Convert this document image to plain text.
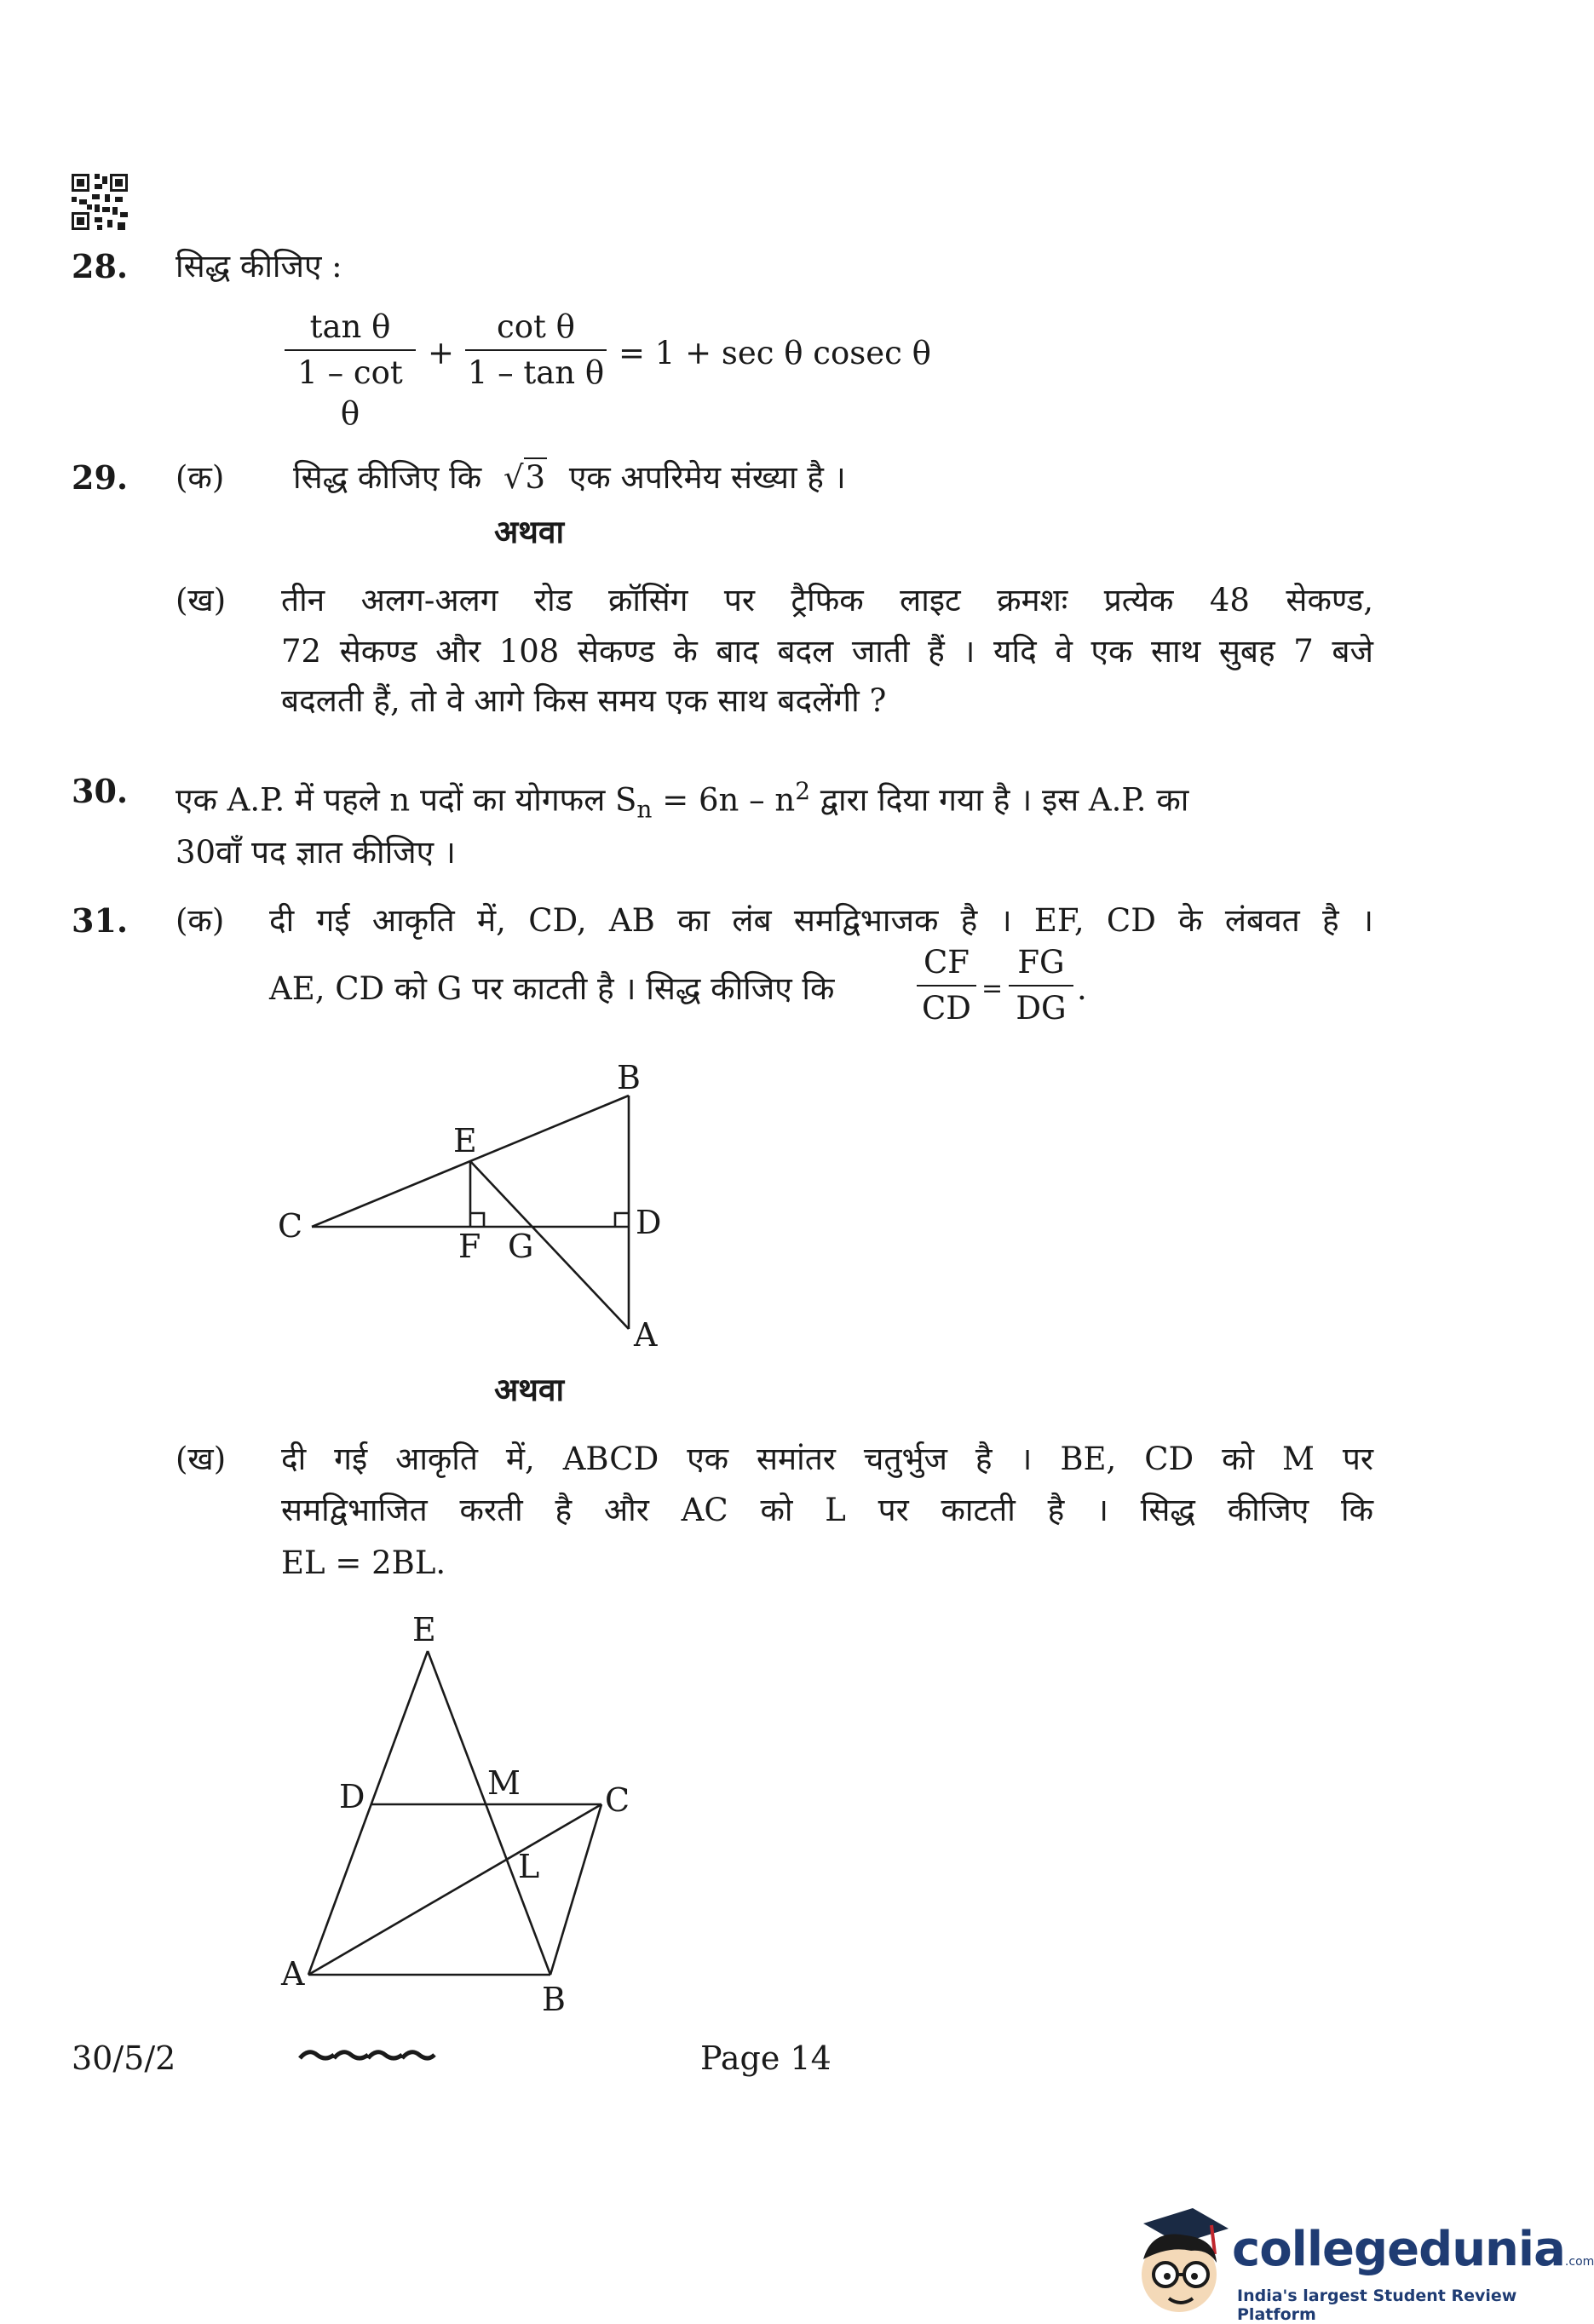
28. सिद्ध कीजिए :
tan θ
1 – cot θ
+
cot θ
1 – tan θ
= 1 + sec θ cosec θ
29. (क) सिद्ध कीजिए कि √3 एक अपरिमेय संख्या है ।
अथवा
(ख) तीन अलग-अलग रोड क्रॉसिंग पर ट्रैफिक लाइट क्रमशः प्रत्येक 48 सेकण्ड,
72 सेकण्ड और 108 सेकण्ड के बाद बदल जाती हैं । यदि वे एक साथ सुबह 7 बजे
बदलती हैं, तो वे आगे किस समय एक साथ बदलेंगी ?
30. एक A.P. में पहले n पदों का योगफल $S_n = 6n - n^2$ द्वारा दिया गया है । इस A.P. का
30वाँ पद ज्ञात कीजिए ।
31. (क) दी गई आकृति में, CD, AB का लंब समद्विभाजक है । EF, CD के लंबवत है ।
AE, CD को G पर काटती है । सिद्ध कीजिए कि
CF
CD
=
FG
DG
.
B
E
C	D
F G
A
E
D	M	C
L
A
B
अथवा
(ख) दी गई आकृति में, ABCD एक समांतर चतुर्भुज है । BE, CD को M पर
समद्विभाजित करती है और AC को L पर काटती है । सिद्ध कीजिए कि
EL = 2BL.
30/5/2	Page 14
collegedunia.com
India's largest Student Review Platform
